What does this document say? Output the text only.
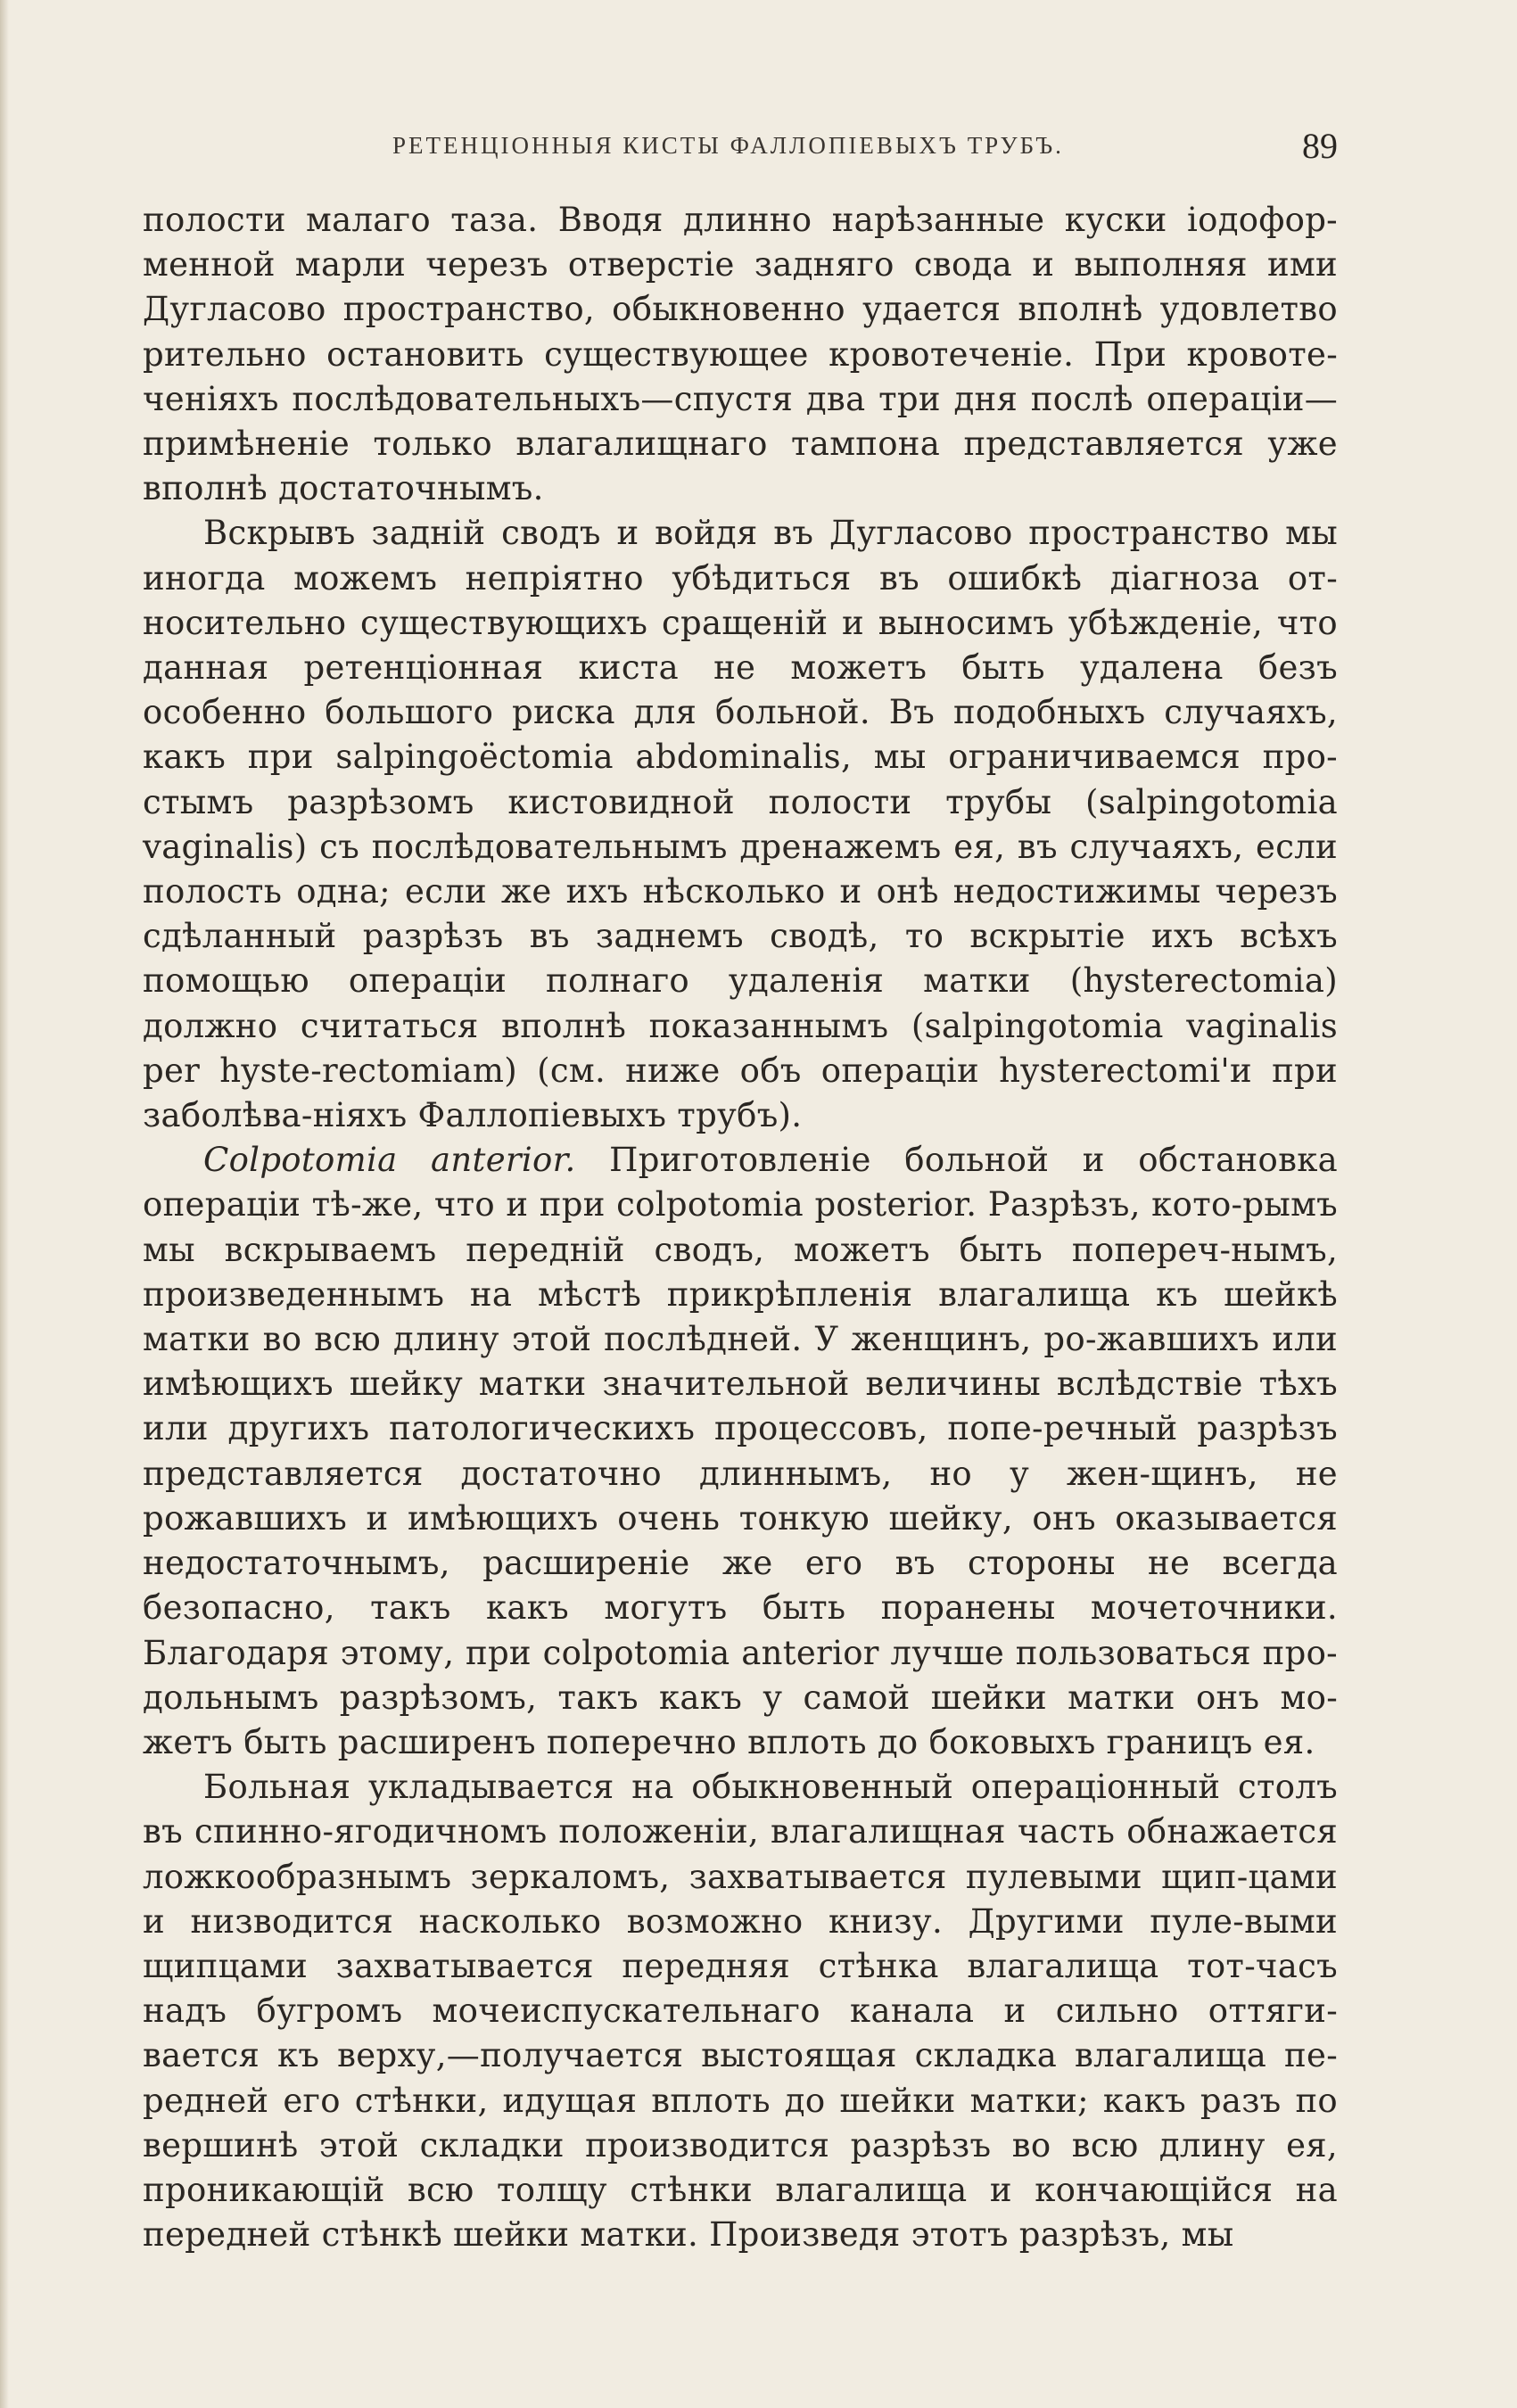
РЕТЕНЦІОННЫЯ КИСТЫ ФАЛЛОПІЕВЫХЪ ТРУБЪ.	89

полости малаго таза. Вводя длинно нарѣзанные куски іодофор-менной марли черезъ отверстіе задняго свода и выполняя ими Дугласово пространство, обыкновенно удается вполнѣ удовлетво рительно остановить существующее кровотеченіе. При кровоте-ченіяхъ послѣдовательныхъ—спустя два три дня послѣ операціи—примѣненіе только влагалищнаго тампона представляется уже вполнѣ достаточнымъ.

Вскрывъ задній сводъ и войдя въ Дугласово пространство мы иногда можемъ непріятно убѣдиться въ ошибкѣ діагноза от-носительно существующихъ сращеній и выносимъ убѣжденіе, что данная ретенціонная киста не можетъ быть удалена безъ особенно большого риска для больной. Въ подобныхъ случаяхъ, какъ при salpingoëctomia abdominalis, мы ограничиваемся про-стымъ разрѣзомъ кистовидной полости трубы (salpingotomia vaginalis) съ послѣдовательнымъ дренажемъ ея, въ случаяхъ, если полость одна; если же ихъ нѣсколько и онѣ недостижимы черезъ сдѣланный разрѣзъ въ заднемъ сводѣ, то вскрытіе ихъ всѣхъ помощью операціи полнаго удаленія матки (hysterectomia) должно считаться вполнѣ показаннымъ (salpingotomia vaginalis per hyste-rectomiam) (см. ниже объ операціи hysterectomi'и при заболѣва-ніяхъ Фаллопіевыхъ трубъ).

Colpotomia anterior. Приготовленіе больной и обстановка операціи тѣ-же, что и при colpotomia posterior. Разрѣзъ, кото-рымъ мы вскрываемъ передній сводъ, можетъ быть попереч-нымъ, произведеннымъ на мѣстѣ прикрѣпленія влагалища къ шейкѣ матки во всю длину этой послѣдней. У женщинъ, ро-жавшихъ или имѣющихъ шейку матки значительной величины вслѣдствіе тѣхъ или другихъ патологическихъ процессовъ, попе-речный разрѣзъ представляется достаточно длиннымъ, но у жен-щинъ, не рожавшихъ и имѣющихъ очень тонкую шейку, онъ оказывается недостаточнымъ, расширеніе же его въ стороны не всегда безопасно, такъ какъ могутъ быть поранены мочеточники. Благодаря этому, при colpotomia anterior лучше пользоваться про-дольнымъ разрѣзомъ, такъ какъ у самой шейки матки онъ мо-жетъ быть расширенъ поперечно вплоть до боковыхъ границъ ея.

Больная укладывается на обыкновенный операціонный столъ въ спинно-ягодичномъ положеніи, влагалищная часть обнажается ложкообразнымъ зеркаломъ, захватывается пулевыми щип-цами и низводится насколько возможно книзу. Другими пуле-выми щипцами захватывается передняя стѣнка влагалища тот-часъ надъ бугромъ мочеиспускательнаго канала и сильно оттяги-вается къ верху,—получается выстоящая складка влагалища пе-редней его стѣнки, идущая вплоть до шейки матки; какъ разъ по вершинѣ этой складки производится разрѣзъ во всю длину ея, проникающій всю толщу стѣнки влагалища и кончающійся на передней стѣнкѣ шейки матки. Произведя этотъ разрѣзъ, мы
